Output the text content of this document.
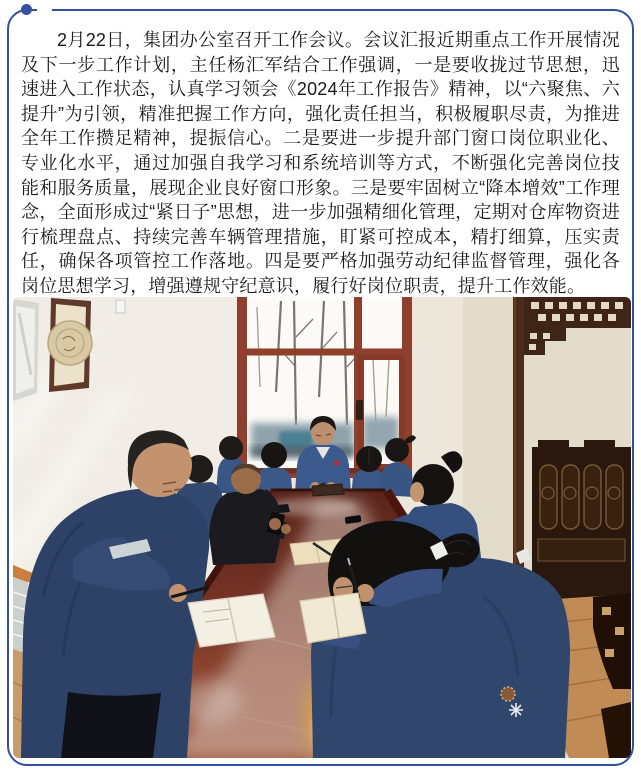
2月22日，集团办公室召开工作会议。会议汇报近期重点工作开展情况及下一步工作计划，主任杨汇军结合工作强调，一是要收拢过节思想，迅速进入工作状态，认真学习领会《2024年工作报告》精神，以“六聚焦、六提升”为引领，精准把握工作方向，强化责任担当，积极履职尽责，为推进全年工作攒足精神，提振信心。二是要进一步提升部门窗口岗位职业化、专业化水平，通过加强自我学习和系统培训等方式，不断强化完善岗位技能和服务质量，展现企业良好窗口形象。三是要牢固树立“降本增效”工作理念，全面形成过“紧日子”思想，进一步加强精细化管理，定期对仓库物资进行梳理盘点、持续完善车辆管理措施，盯紧可控成本，精打细算，压实责任，确保各项管控工作落地。四是要严格加强劳动纪律监督管理，强化各岗位思想学习，增强遵规守纪意识，履行好岗位职责，提升工作效能。
